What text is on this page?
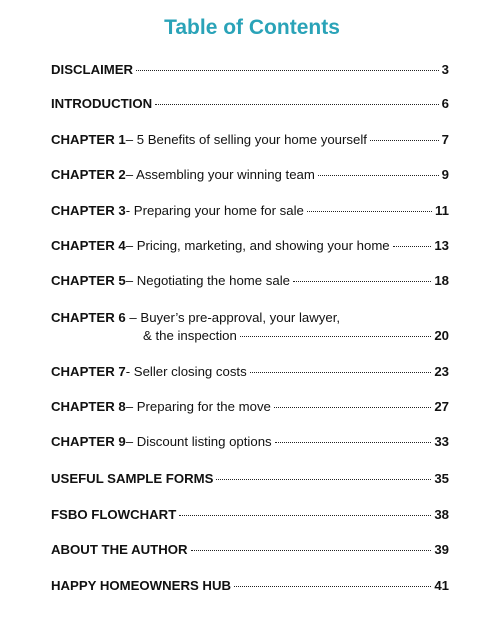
Table of Contents
DISCLAIMER	3
INTRODUCTION	6
CHAPTER 1 – 5 Benefits of selling your home yourself	7
CHAPTER 2 – Assembling your winning team	9
CHAPTER 3 - Preparing your home for sale	11
CHAPTER 4 – Pricing, marketing, and showing your home	13
CHAPTER 5 – Negotiating the home sale	18
CHAPTER 6 – Buyer’s pre-approval, your lawyer,
& the inspection	20
CHAPTER 7 - Seller closing costs	23
CHAPTER 8 – Preparing for the move	27
CHAPTER 9 – Discount listing options	33
USEFUL SAMPLE FORMS	35
FSBO FLOWCHART	38
ABOUT THE AUTHOR	39
HAPPY HOMEOWNERS HUB	41
